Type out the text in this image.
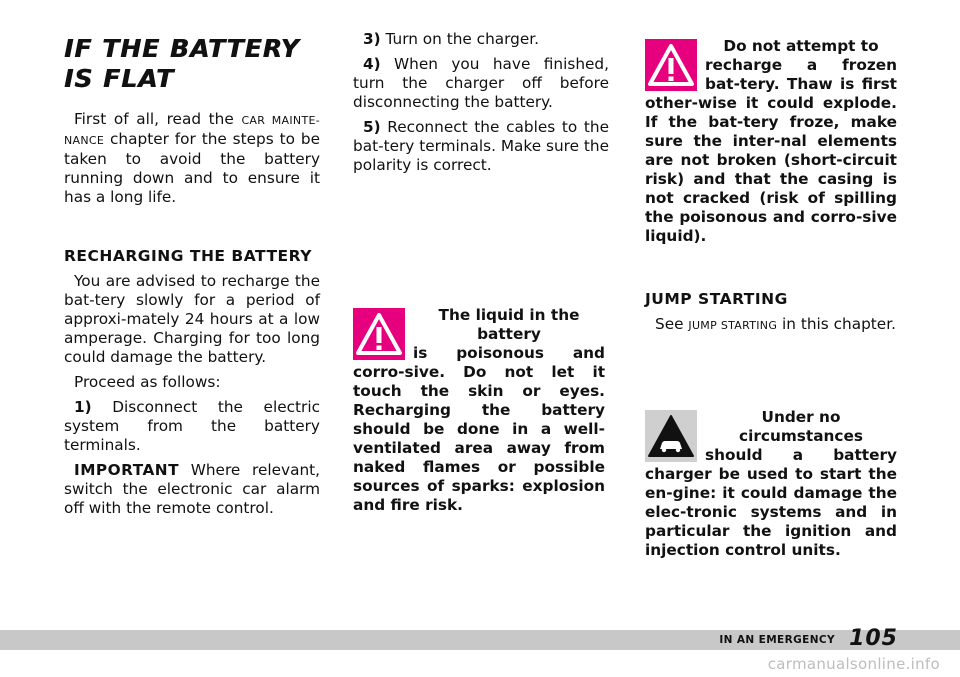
IF THE BATTERY
IS FLAT

First of all, read the CAR MAINTE-NANCE chapter for the steps to be taken to avoid the battery running down and to ensure it has a long life.

RECHARGING THE BATTERY

You are advised to recharge the bat-tery slowly for a period of approxi-mately 24 hours at a low amperage. Charging for too long could damage the battery.

Proceed as follows:

1) Disconnect the electric system from the battery terminals.

IMPORTANT Where relevant, switch the electronic car alarm off with the remote control.

3) Turn on the charger.

4) When you have finished, turn the charger off before disconnecting the battery.

5) Reconnect the cables to the bat-tery terminals. Make sure the polarity is correct.

The liquid in the battery
is poisonous and corro-sive. Do not let it touch the skin or eyes. Recharging the battery should be done in a well-ventilated area away from naked flames or possible sources of sparks: explosion and fire risk.
Do not attempt to
recharge a frozen bat-tery. Thaw is first other-wise it could explode. If the bat-tery froze, make sure the inter-nal elements are not broken (short-circuit risk) and that the casing is not cracked (risk of spilling the poisonous and corro-sive liquid).
JUMP STARTING

See JUMP STARTING in this chapter.

Under no circumstances
should a battery charger be used to start the en-gine: it could damage the elec-tronic systems and in particular the ignition and injection control units.
IN AN EMERGENCY 105
carmanualsonline.info
